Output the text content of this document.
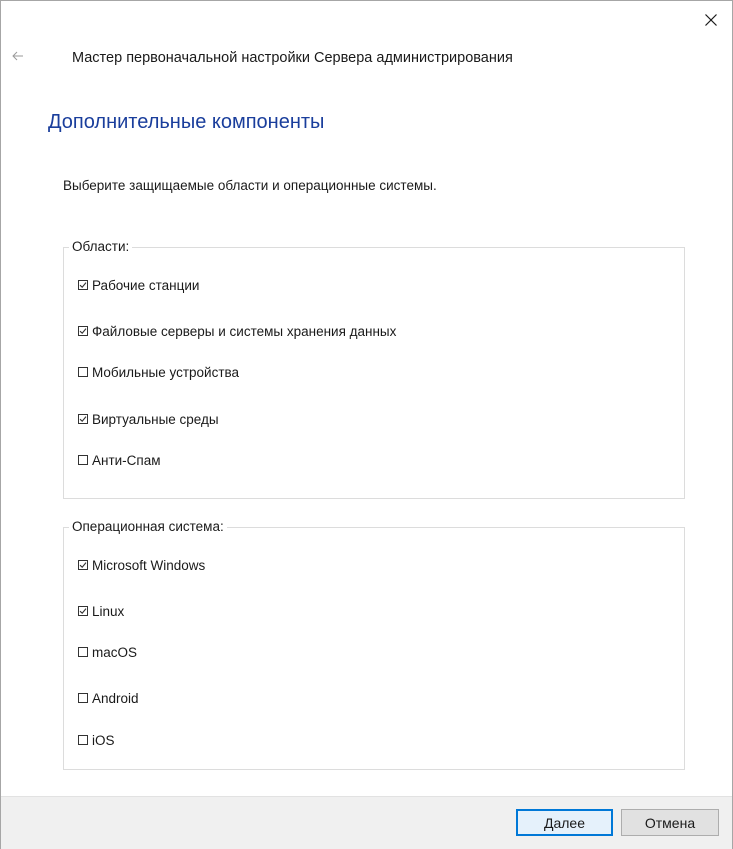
Мастер первоначальной настройки Сервера администрирования
Дополнительные компоненты
Выберите защищаемые области и операционные системы.
Области:
Рабочие станции
Файловые серверы и системы хранения данных
Мобильные устройства
Виртуальные среды
Анти-Спам
Операционная система:
Microsoft Windows
Linux
macOS
Android
iOS
Далее	Отмена
